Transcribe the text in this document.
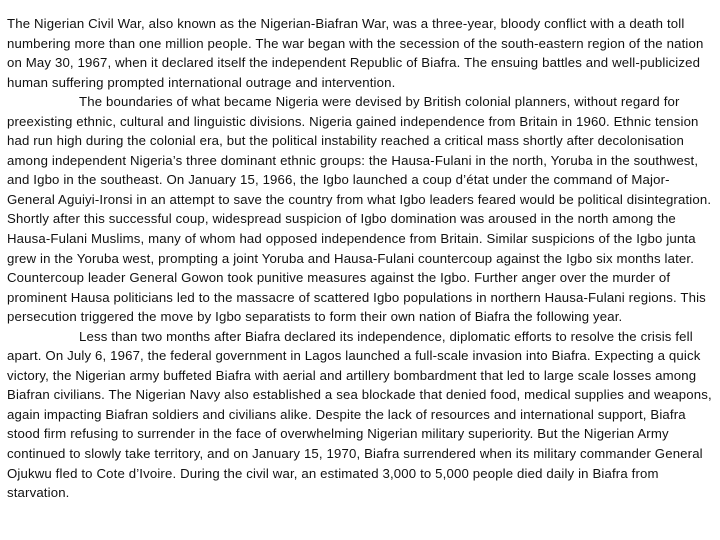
The Nigerian Civil War, also known as the Nigerian-Biafran War, was a three-year, bloody conflict with a death toll numbering more than one million people. The war began with the secession of the south-eastern region of the nation on May 30, 1967, when it declared itself the independent Republic of Biafra. The ensuing battles and well-publicized human suffering prompted international outrage and intervention.

The boundaries of what became Nigeria were devised by British colonial planners, without regard for preexisting ethnic, cultural and linguistic divisions. Nigeria gained independence from Britain in 1960. Ethnic tension had run high during the colonial era, but the political instability reached a critical mass shortly after decolonisation among independent Nigeria’s three dominant ethnic groups: the Hausa-Fulani in the north, Yoruba in the southwest, and Igbo in the southeast. On January 15, 1966, the Igbo launched a coup d’état under the command of Major-General Aguiyi-Ironsi in an attempt to save the country from what Igbo leaders feared would be political disintegration. Shortly after this successful coup, widespread suspicion of Igbo domination was aroused in the north among the Hausa-Fulani Muslims, many of whom had opposed independence from Britain. Similar suspicions of the Igbo junta grew in the Yoruba west, prompting a joint Yoruba and Hausa-Fulani countercoup against the Igbo six months later. Countercoup leader General Gowon took punitive measures against the Igbo. Further anger over the murder of prominent Hausa politicians led to the massacre of scattered Igbo populations in northern Hausa-Fulani regions. This persecution triggered the move by Igbo separatists to form their own nation of Biafra the following year.

Less than two months after Biafra declared its independence, diplomatic efforts to resolve the crisis fell apart. On July 6, 1967, the federal government in Lagos launched a full-scale invasion into Biafra. Expecting a quick victory, the Nigerian army buffeted Biafra with aerial and artillery bombardment that led to large scale losses among Biafran civilians. The Nigerian Navy also established a sea blockade that denied food, medical supplies and weapons, again impacting Biafran soldiers and civilians alike. Despite the lack of resources and international support, Biafra stood firm refusing to surrender in the face of overwhelming Nigerian military superiority. But the Nigerian Army continued to slowly take territory, and on January 15, 1970, Biafra surrendered when its military commander General Ojukwu fled to Cote d’Ivoire. During the civil war, an estimated 3,000 to 5,000 people died daily in Biafra from starvation.
